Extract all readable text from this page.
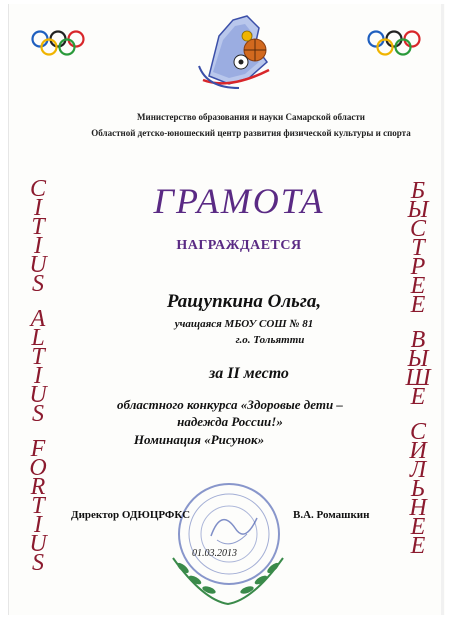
Министерство образования и науки Самарской области
Областной детско-юношеский центр развития физической культуры и спорта
C
I
T
I
U
S
A
L
T
I
U
S
F
O
R
T
I
U
S
Б
Ы
С
Т
Р
Е
Е
В
Ы
Ш
Е
С
И
Л
Ь
Н
Е
Е
ГРАМОТА
НАГРАЖДАЕТСЯ
Ращупкина Ольга,
учащаяся МБОУ СОШ № 81
г.о. Тольятти
за II место
областного конкурса «Здоровые дети –
надежда России!»
Номинация «Рисунок»
Директор ОДЮЦРФКС	В.А. Ромашкин
01.03.2013
